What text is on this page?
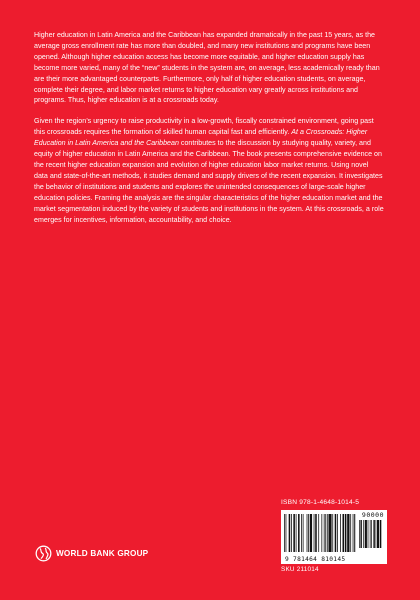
Higher education in Latin America and the Caribbean has expanded dramatically in the past 15 years, as the average gross enrollment rate has more than doubled, and many new institutions and programs have been opened. Although higher education access has become more equitable, and higher education supply has become more varied, many of the “new” students in the system are, on average, less academically ready than are their more advantaged counterparts. Furthermore, only half of higher education students, on average, complete their degree, and labor market returns to higher education vary greatly across institutions and programs. Thus, higher education is at a crossroads today.

Given the region’s urgency to raise productivity in a low-growth, fiscally constrained environment, going past this crossroads requires the formation of skilled human capital fast and efficiently. At a Crossroads: Higher Education in Latin America and the Caribbean contributes to the discussion by studying quality, variety, and equity of higher education in Latin America and the Caribbean. The book presents comprehensive evidence on the recent higher education expansion and evolution of higher education labor market returns. Using novel data and state-of-the-art methods, it studies demand and supply drivers of the recent expansion. It investigates the behavior of institutions and students and explores the unintended consequences of large-scale higher education policies. Framing the analysis are the singular characteristics of the higher education market and the market segmentation induced by the variety of students and institutions in the system. At this crossroads, a role emerges for incentives, information, accountability, and choice.

ISBN 978-1-4648-1014-5
90000
9 781464 810145
SKU 211014
WORLD BANK GROUP
